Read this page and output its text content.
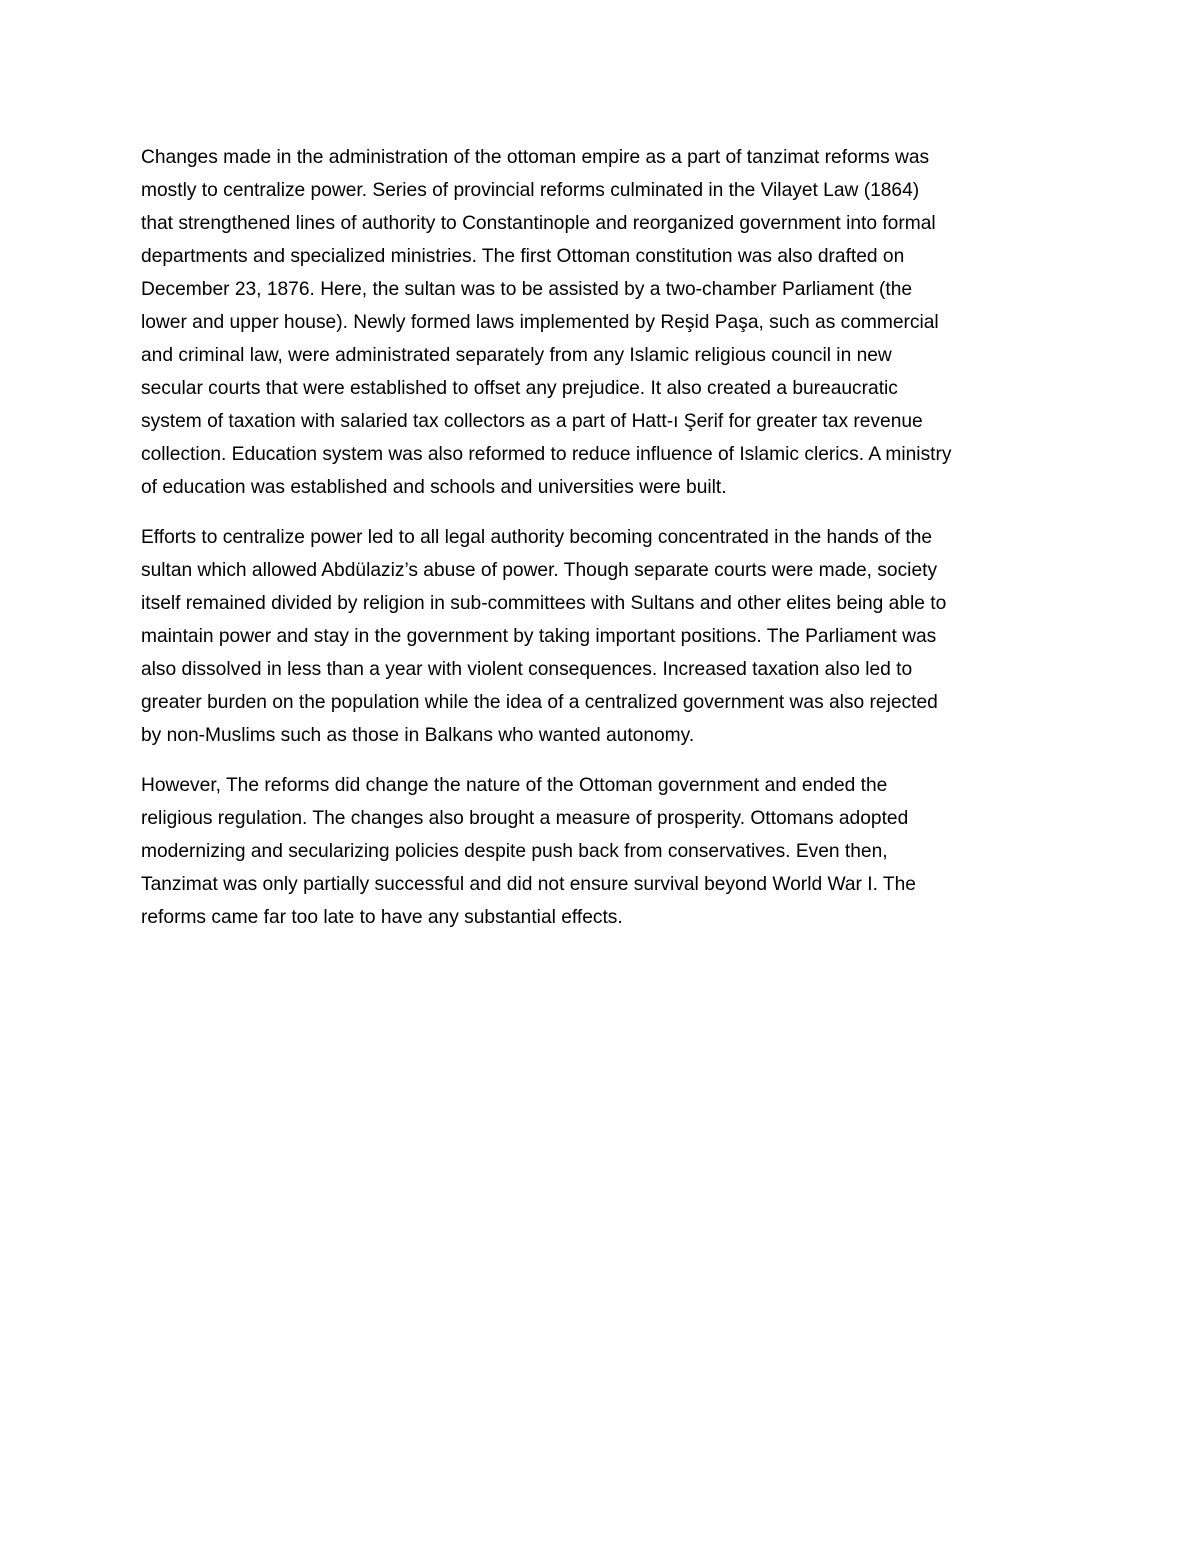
Changes made in the administration of the ottoman empire as a part of tanzimat reforms was
mostly to centralize power. Series of provincial reforms culminated in the Vilayet Law (1864)
that strengthened lines of authority to Constantinople and reorganized government into formal
departments and specialized ministries. The first Ottoman constitution was also drafted on
December 23, 1876. Here, the sultan was to be assisted by a two-chamber Parliament (the
lower and upper house). Newly formed laws implemented by Reşid Paşa, such as commercial
and criminal law, were administrated separately from any Islamic religious council in new
secular courts that were established to offset any prejudice. It also created a bureaucratic
system of taxation with salaried tax collectors as a part of Hatt-ı Şerif for greater tax revenue
collection. Education system was also reformed to reduce influence of Islamic clerics. A ministry
of education was established and schools and universities were built.

Efforts to centralize power led to all legal authority becoming concentrated in the hands of the
sultan which allowed Abdülaziz’s abuse of power. Though separate courts were made, society
itself remained divided by religion in sub-committees with Sultans and other elites being able to
maintain power and stay in the government by taking important positions. The Parliament was
also dissolved in less than a year with violent consequences. Increased taxation also led to
greater burden on the population while the idea of a centralized government was also rejected
by non-Muslims such as those in Balkans who wanted autonomy.

However, The reforms did change the nature of the Ottoman government and ended the
religious regulation. The changes also brought a measure of prosperity. Ottomans adopted
modernizing and secularizing policies despite push back from conservatives. Even then,
Tanzimat was only partially successful and did not ensure survival beyond World War I. The
reforms came far too late to have any substantial effects.
